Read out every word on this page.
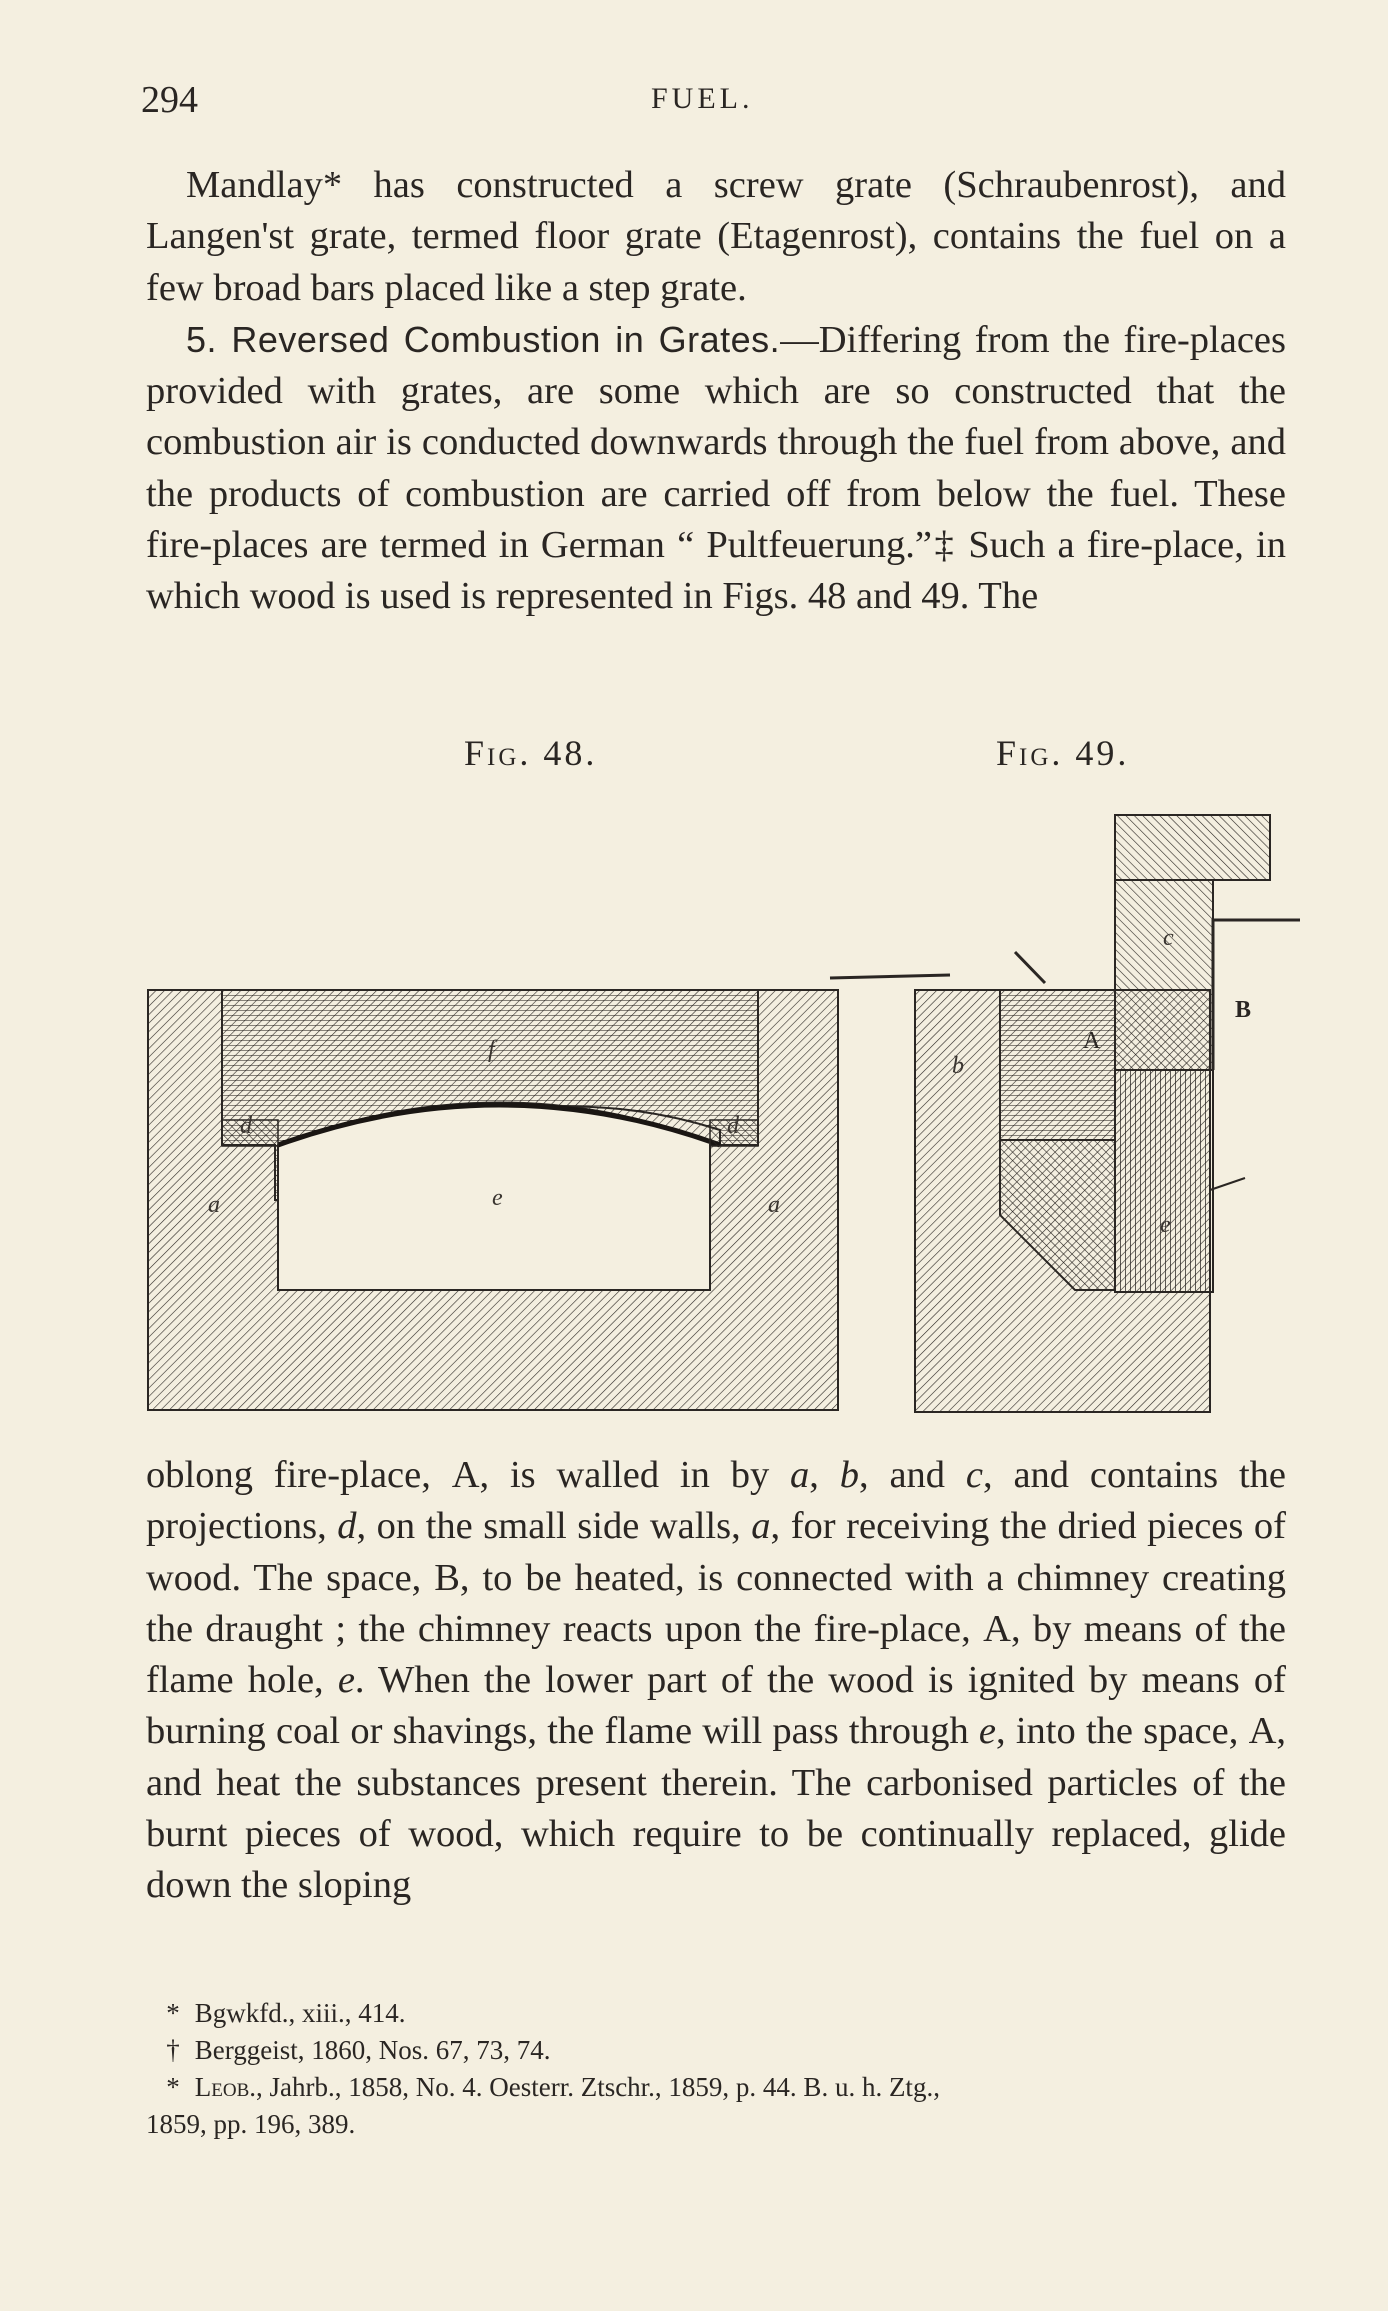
294	FUEL.

Mandlay* has constructed a screw grate (Schraubenrost), and Langen'st grate, termed floor grate (Etagenrost), contains the fuel on a few broad bars placed like a step grate.

5. Reversed Combustion in Grates.—Differing from the fire-places provided with grates, are some which are so constructed that the combustion air is conducted downwards through the fuel from above, and the products of combustion are carried off from below the fuel. These fire-places are termed in German “ Pultfeuerung.”‡ Such a fire-place, in which wood is used is represented in Figs. 48 and 49. The

Fig. 48.	Fig. 49.
f
d	d
e
a	a
c
A
b
e
B

oblong fire-place, A, is walled in by a, b, and c, and contains the projections, d, on the small side walls, a, for receiving the dried pieces of wood. The space, B, to be heated, is connected with a chimney creating the draught ; the chimney reacts upon the fire-place, A, by means of the flame hole, e. When the lower part of the wood is ignited by means of burning coal or shavings, the flame will pass through e, into the space, A, and heat the substances present therein. The carbonised particles of the burnt pieces of wood, which require to be continually replaced, glide down the sloping

* Bgwkfd., xiii., 414.
† Berggeist, 1860, Nos. 67, 73, 74.
* Leob., Jahrb., 1858, No. 4. Oesterr. Ztschr., 1859, p. 44. B. u. h. Ztg.,
1859, pp. 196, 389.
